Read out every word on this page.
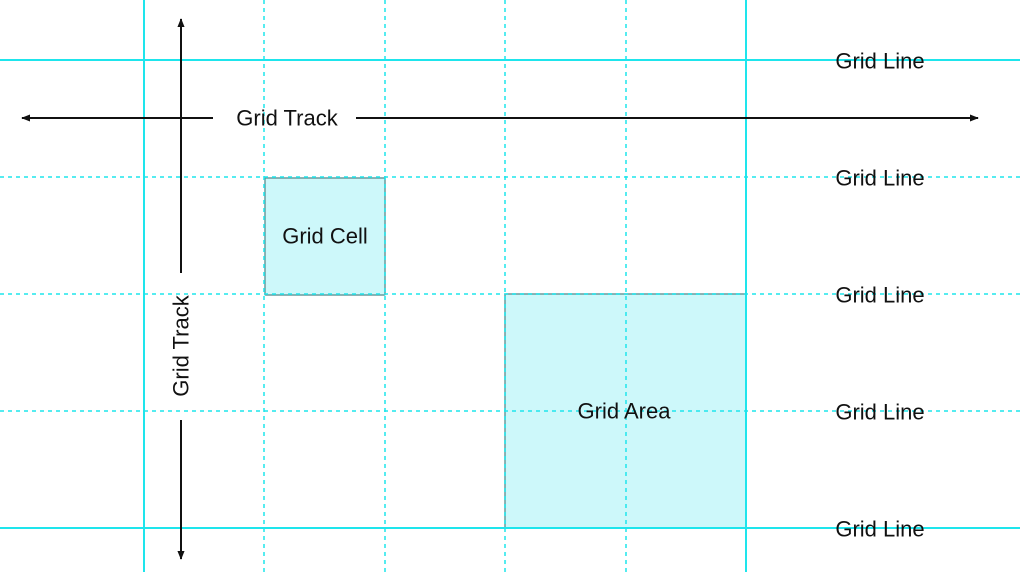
Grid Track
Grid Track
Grid Cell
Grid Area
Grid Line
Grid Line
Grid Line
Grid Line
Grid Line
